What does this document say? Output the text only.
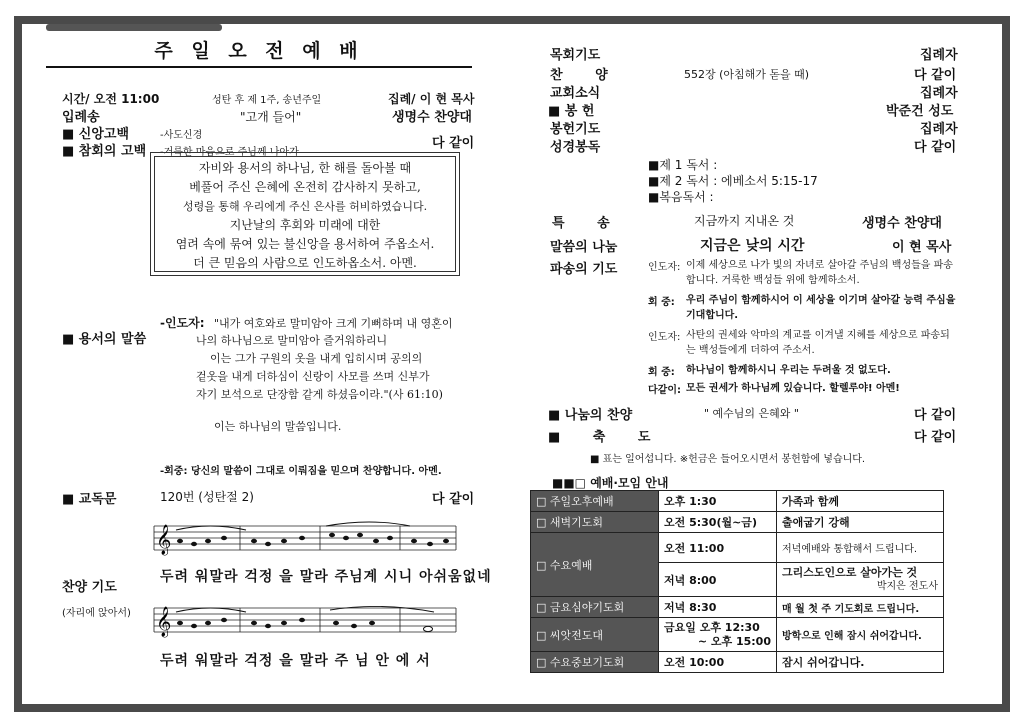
주 일 오 전 예 배
시간/ 오전 11:00	성탄 후 제 1주, 송년주일	집례/ 이 현 목사
입례송	"고개 들어"	생명수 찬양대
■ 신앙고백	-사도신경
■ 참회의 고백 -거룩한 마음으로 주님께 나아가
다 같이
자비와 용서의 하나님, 한 해를 돌아볼 때
베풀어 주신 은혜에 온전히 감사하지 못하고,
성령을 통해 우리에게 주신 은사를 허비하였습니다.
지난날의 후회와 미래에 대한
염려 속에 묶여 있는 불신앙을 용서하여 주옵소서.
더 큰 믿음의 사람으로 인도하옵소서. 아멘.
■ 용서의 말씀
-인도자: "내가 여호와로 말미암아 크게 기뻐하며 내 영혼이
나의 하나님으로 말미암아 즐거워하리니
이는 그가 구원의 옷을 내게 입히시며 공의의
겉옷을 내게 더하심이 신랑이 사모를 쓰며 신부가
자기 보석으로 단장함 같게 하셨음이라."(사 61:10)
이는 하나님의 말씀입니다.
-회중: 당신의 말씀이 그대로 이뤄짐을 믿으며 찬양합니다. 아멘.
■ 교독문	120번 (성탄절 2)	다 같이
𝄞
두려 워말라 걱정 을 말라 주님계 시니 아쉬움없네
찬양 기도
(자리에 앉아서) 𝄞
두려 워말라 걱정 을 말라 주 님 안 에 서
목회기도	집례자
찬 양	552장 (아침해가 돋을 때)	다 같이
교회소식	집례자
■ 봉 헌	박준건 성도
봉헌기도	집례자
성경봉독	다 같이
■제 1 독서 :
■제 2 독서 : 에베소서 5:15-17
■복음독서 :
특 송	지금까지 지내온 것	생명수 찬양대
말씀의 나눔	지금은 낮의 시간	이 현 목사
파송의 기도	인도자: 이제 세상으로 나가 빛의 자녀로 살아갈 주님의 백성들을 파송합니다. 거룩한 백성들 위에 함께하소서.
회 중: 우리 주님이 함께하시어 이 세상을 이기며 살아갈 능력 주심을 기대합니다.
인도자: 사탄의 권세와 악마의 계교를 이겨낼 지혜를 세상으로 파송되는 백성들에게 더하여 주소서.
회 중: 하나님이 함께하시니 우리는 두려울 것 없도다.
다같이: 모든 권세가 하나님께 있습니다. 할렐루야! 아멘!
■ 나눔의 찬양	" 예수님의 은혜와 "	다 같이
■ 축 도	다 같이
■ 표는 일어섭니다. ※헌금은 들어오시면서 봉헌함에 넣습니다.
■■□ 예배·모임 안내
□ 주일오후예배	오후 1:30	가족과 함께
□ 새벽기도회	오전 5:30(월~금)	출애굽기 강해
□ 수요예배	오전 11:00	저녁예배와 통합해서 드립니다.
	저녁 8:00	그리스도인으로 살아가는 것
박지은 전도사

□ 금요심야기도회	저녁 8:30	매 월 첫 주 기도회로 드립니다.
□ 씨앗전도대	금요일 오후 12:30
~ 오후 15:00	방학으로 인해 잠시 쉬어갑니다.
□ 수요중보기도회	오전 10:00	잠시 쉬어갑니다.
